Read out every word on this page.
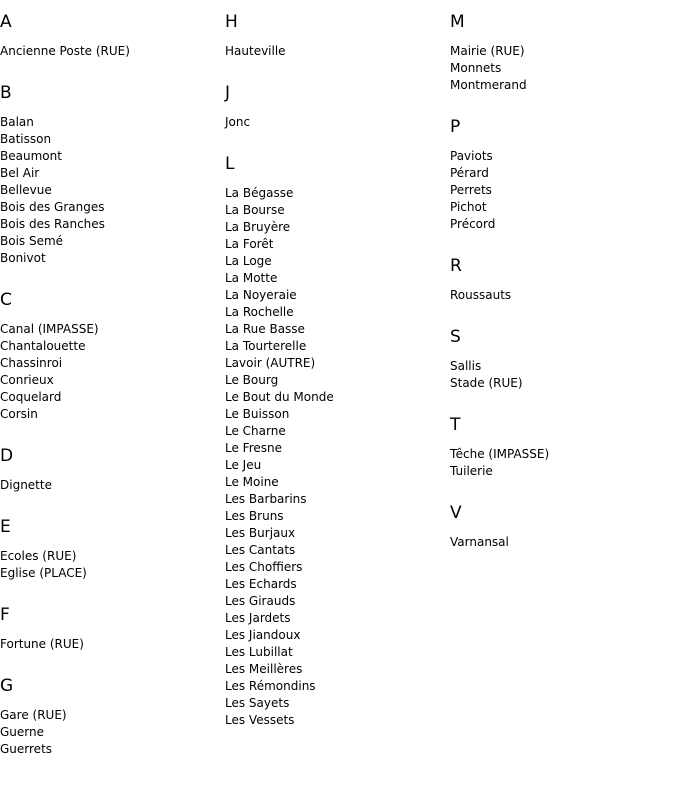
A
Ancienne Poste (RUE)
B
Balan
Batisson
Beaumont
Bel Air
Bellevue
Bois des Granges
Bois des Ranches
Bois Semé
Bonivot
C
Canal (IMPASSE)
Chantalouette
Chassinroi
Conrieux
Coquelard
Corsin
D
Dignette
E
Ecoles (RUE)
Eglise (PLACE)
F
Fortune (RUE)
G
Gare (RUE)
Guerne
Guerrets
H
Hauteville
J
Jonc
L
La Bégasse
La Bourse
La Bruyère
La Forêt
La Loge
La Motte
La Noyeraie
La Rochelle
La Rue Basse
La Tourterelle
Lavoir (AUTRE)
Le Bourg
Le Bout du Monde
Le Buisson
Le Charne
Le Fresne
Le Jeu
Le Moine
Les Barbarins
Les Bruns
Les Burjaux
Les Cantats
Les Choffiers
Les Echards
Les Girauds
Les Jardets
Les Jiandoux
Les Lubillat
Les Meillères
Les Rémondins
Les Sayets
Les Vessets
M
Mairie (RUE)
Monnets
Montmerand
P
Paviots
Pérard
Perrets
Pichot
Précord
R
Roussauts
S
Sallis
Stade (RUE)
T
Têche (IMPASSE)
Tuilerie
V
Varnansal
